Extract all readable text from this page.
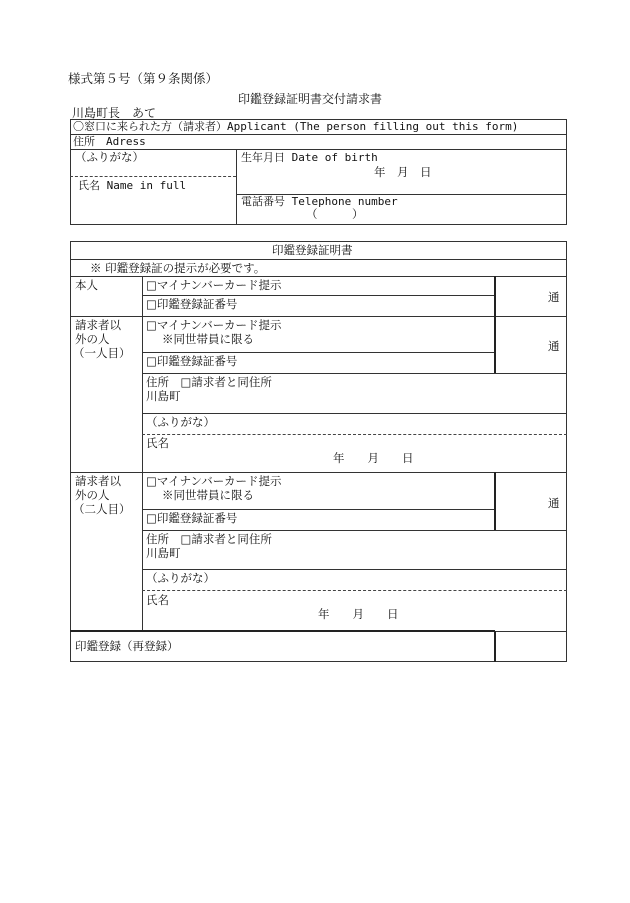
様式第５号（第９条関係）
印鑑登録証明書交付請求書
川島町長　あて
〇窓口に来られた方（請求者）Applicant (The person filling out this form)
住所　Adress
（ふりがな）
氏名 Name in full
生年月日 Date of birth
年　月　日
電話番号 Telephone number
（　　　）
印鑑登録証明書
※ 印鑑登録証の提示が必要です。
本人	□マイナンバーカード提示
□印鑑登録証番号	通
請求者以
外の人
（一人目）
□マイナンバーカード提示
※同世帯員に限る
□印鑑登録証番号
通
住所　□請求者と同住所
川島町
（ふりがな）
氏名
年　　月　　日
請求者以
外の人
（二人目）
□マイナンバーカード提示
※同世帯員に限る
□印鑑登録証番号
通
住所　□請求者と同住所
川島町
（ふりがな）
氏名
年　　月　　日
印鑑登録（再登録）
